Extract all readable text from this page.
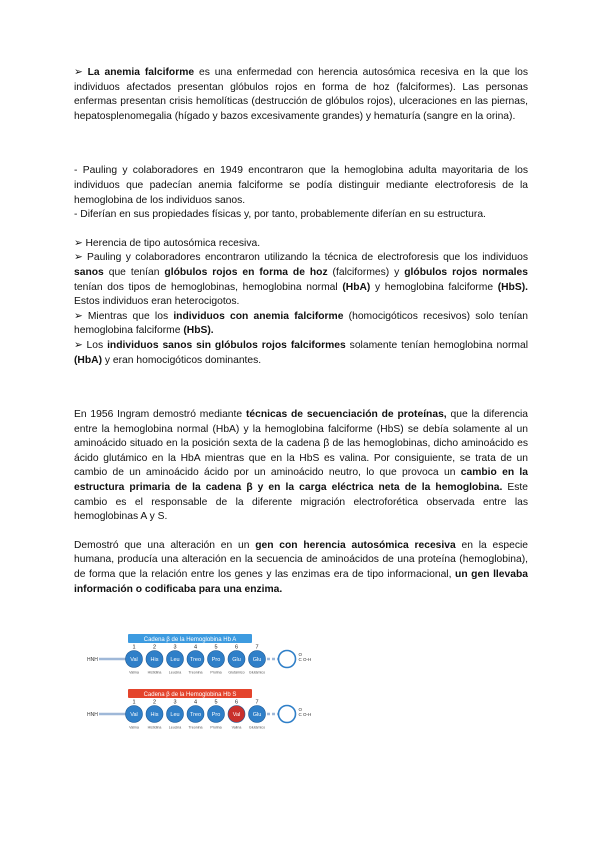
➢ La anemia falciforme es una enfermedad con herencia autosómica recesiva en la que los individuos afectados presentan glóbulos rojos en forma de hoz (falciformes). Las personas enfermas presentan crisis hemolíticas (destrucción de glóbulos rojos), ulceraciones en las piernas, hepatosplenomegalia (hígado y bazos excesivamente grandes) y hematuría (sangre en la orina).

- Pauling y colaboradores en 1949 encontraron que la hemoglobina adulta mayoritaria de los individuos que padecían anemia falciforme se podía distinguir mediante electroforesis de la hemoglobina de los individuos sanos.

- Diferían en sus propiedades físicas y, por tanto, probablemente diferían en su estructura.

➢ Herencia de tipo autosómica recesiva.

➢ Pauling y colaboradores encontraron utilizando la técnica de electroforesis que los individuos sanos que tenían glóbulos rojos en forma de hoz (falciformes) y glóbulos rojos normales tenían dos tipos de hemoglobinas, hemoglobina normal (HbA) y hemoglobina falciforme (HbS). Estos individuos eran heterocigotos.

➢ Mientras que los individuos con anemia falciforme (homocigóticos recesivos) solo tenían hemoglobina falciforme (HbS).

➢ Los individuos sanos sin glóbulos rojos falciformes solamente tenían hemoglobina normal (HbA) y eran homocigóticos dominantes.

En 1956 Ingram demostró mediante técnicas de secuenciación de proteínas, que la diferencia entre la hemoglobina normal (HbA) y la hemoglobina falciforme (HbS) se debía solamente al un aminoácido situado en la posición sexta de la cadena β de las hemoglobinas, dicho aminoácido es ácido glutámico en la HbA mientras que en la HbS es valina. Por consiguiente, se trata de un cambio de un aminoácido ácido por un aminoácido neutro, lo que provoca un cambio en la estructura primaria de la cadena β y en la carga eléctrica neta de la hemoglobina. Este cambio es el responsable de la diferente migración electroforética observada entre las hemoglobinas A y S.

Demostró que una alteración en un gen con herencia autosómica recesiva en la especie humana, producía una alteración en la secuencia de aminoácidos de una proteína (hemoglobina), de forma que la relación entre los genes y las enzimas era de tipo informacional, un gen llevaba información o codificaba para una enzima.

Cadena β de la Hemoglobina Hb A
HNH
1
Val
Valina
2
His
Histidina
3
Leu
Leucina
4
Treo
Treonina
5
Pro
Prolina
6
Glu
Glutámico
7
Glu
Glutámico
O
C O-H
Cadena β de la Hemoglobina Hb S
HNH
1
Val
Valina
2
His
Histidina
3
Leu
Leucina
4
Treo
Treonina
5
Pro
Prolina
6
Val
Valina
7
Glu
Glutámico
O
C O-H
